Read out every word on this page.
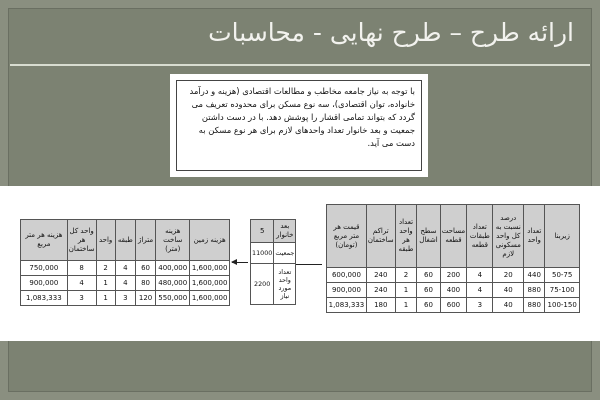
ارائه طرح – طرح نهایی - محاسبات
با توجه به نیاز جامعه مخاطب و مطالعات اقتصادی (هزینه و درآمد خانواده، توان اقتصادی)، سه نوع مسکن برای محدوده تعریف می گردد که بتواند تمامی اقشار را پوشش دهد. با در دست داشتن جمعیت و بعد خانوار تعداد واحدهای لازم برای هر نوع مسکن به دست می آید.
زیربنا	تعداد واحد	درصد نسبت به کل واحد مسکونی لازم	تعداد طبقات قطعه	مساحت قطعه	سطح اشغال	تعداد واحد هر طبقه	تراکم ساختمان	قیمت هر متر مربع (تومان)
50-75	440	20	4	200	60	2	240	600,000
75-100	880	40	4	400	60	1	240	900,000
100-150	880	40	3	600	60	1	180	1,083,333
بعد خانوار	5
جمعیت	11000
تعداد واحد مورد نیاز	2200
هزینه زمین	هزینه ساخت (متر)	متراژ	طبقه	واحد	واحد کل هر ساختمان	هزینه هر متر مربع
1,600,000	400,000	60	4	2	8	750,000
1,600,000	480,000	80	4	1	4	900,000
1,600,000	550,000	120	3	1	3	1,083,333
